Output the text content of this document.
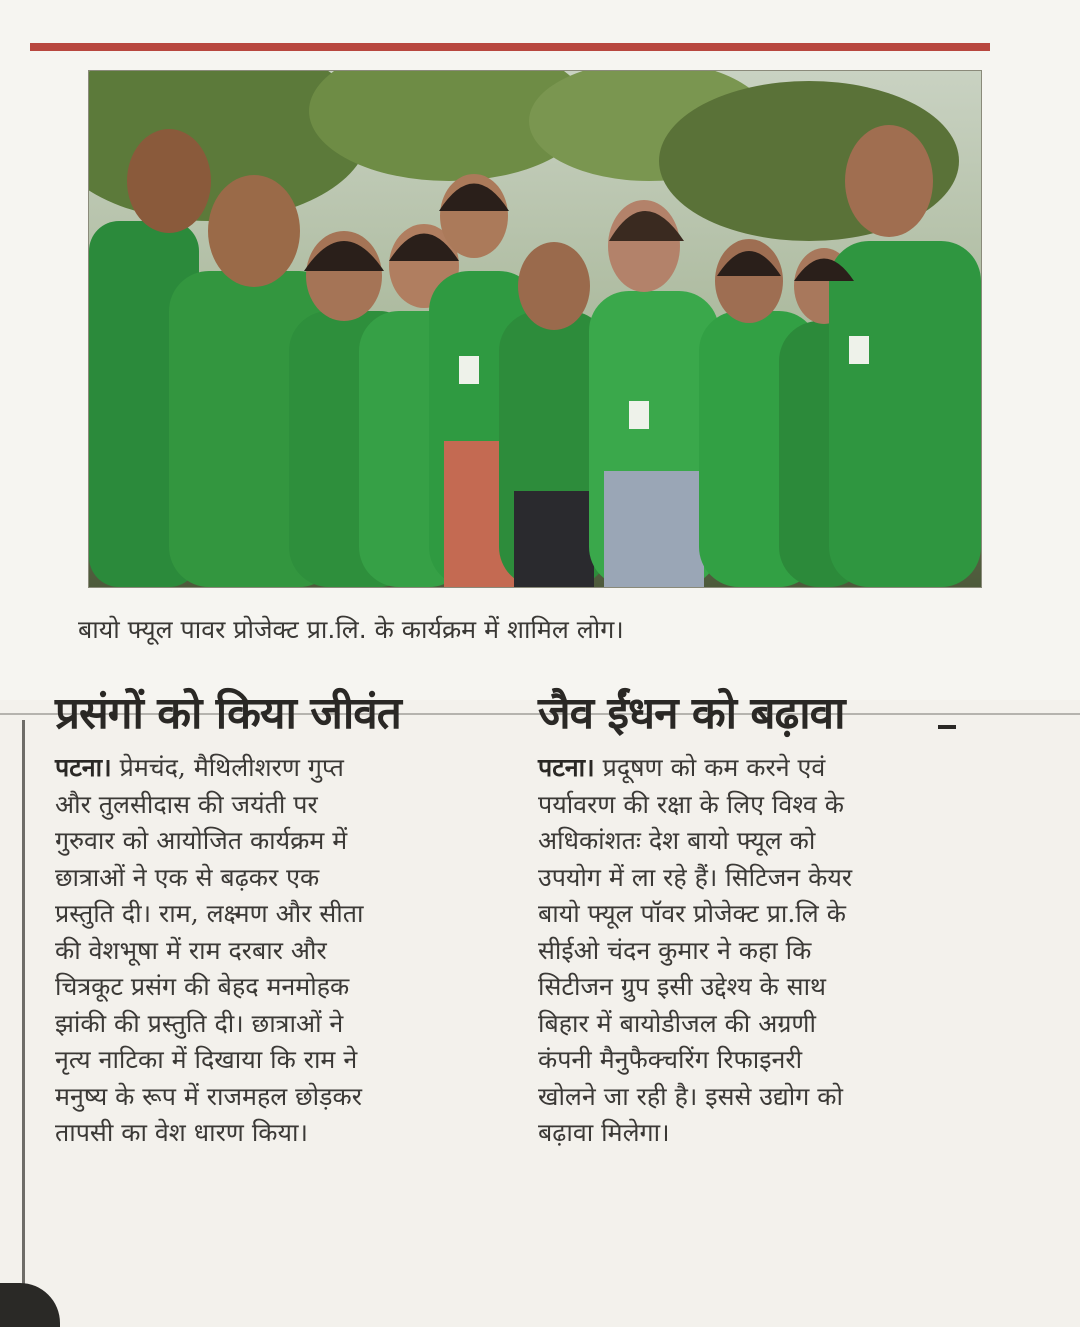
बायो फ्यूल पावर प्रोजेक्ट प्रा.लि. के कार्यक्रम में शामिल लोग।
प्रसंगों को किया जीवंत
पटना। प्रेमचंद, मैथिलीशरण गुप्त
और तुलसीदास की जयंती पर
गुरुवार को आयोजित कार्यक्रम में
छात्राओं ने एक से बढ़कर एक
प्रस्तुति दी। राम, लक्ष्मण और सीता
की वेशभूषा में राम दरबार और
चित्रकूट प्रसंग की बेहद मनमोहक
झांकी की प्रस्तुति दी। छात्राओं ने
नृत्य नाटिका में दिखाया कि राम ने
मनुष्य के रूप में राजमहल छोड़कर
तापसी का वेश धारण किया।
जैव ईंधन को बढ़ावा
पटना। प्रदूषण को कम करने एवं
पर्यावरण की रक्षा के लिए विश्व के
अधिकांशतः देश बायो फ्यूल को
उपयोग में ला रहे हैं। सिटिजन केयर
बायो फ्यूल पॉवर प्रोजेक्ट प्रा.लि के
सीईओ चंदन कुमार ने कहा कि
सिटीजन ग्रुप इसी उद्देश्य के साथ
बिहार में बायोडीजल की अग्रणी
कंपनी मैनुफैक्चरिंग रिफाइनरी
खोलने जा रही है। इससे उद्योग को
बढ़ावा मिलेगा।
